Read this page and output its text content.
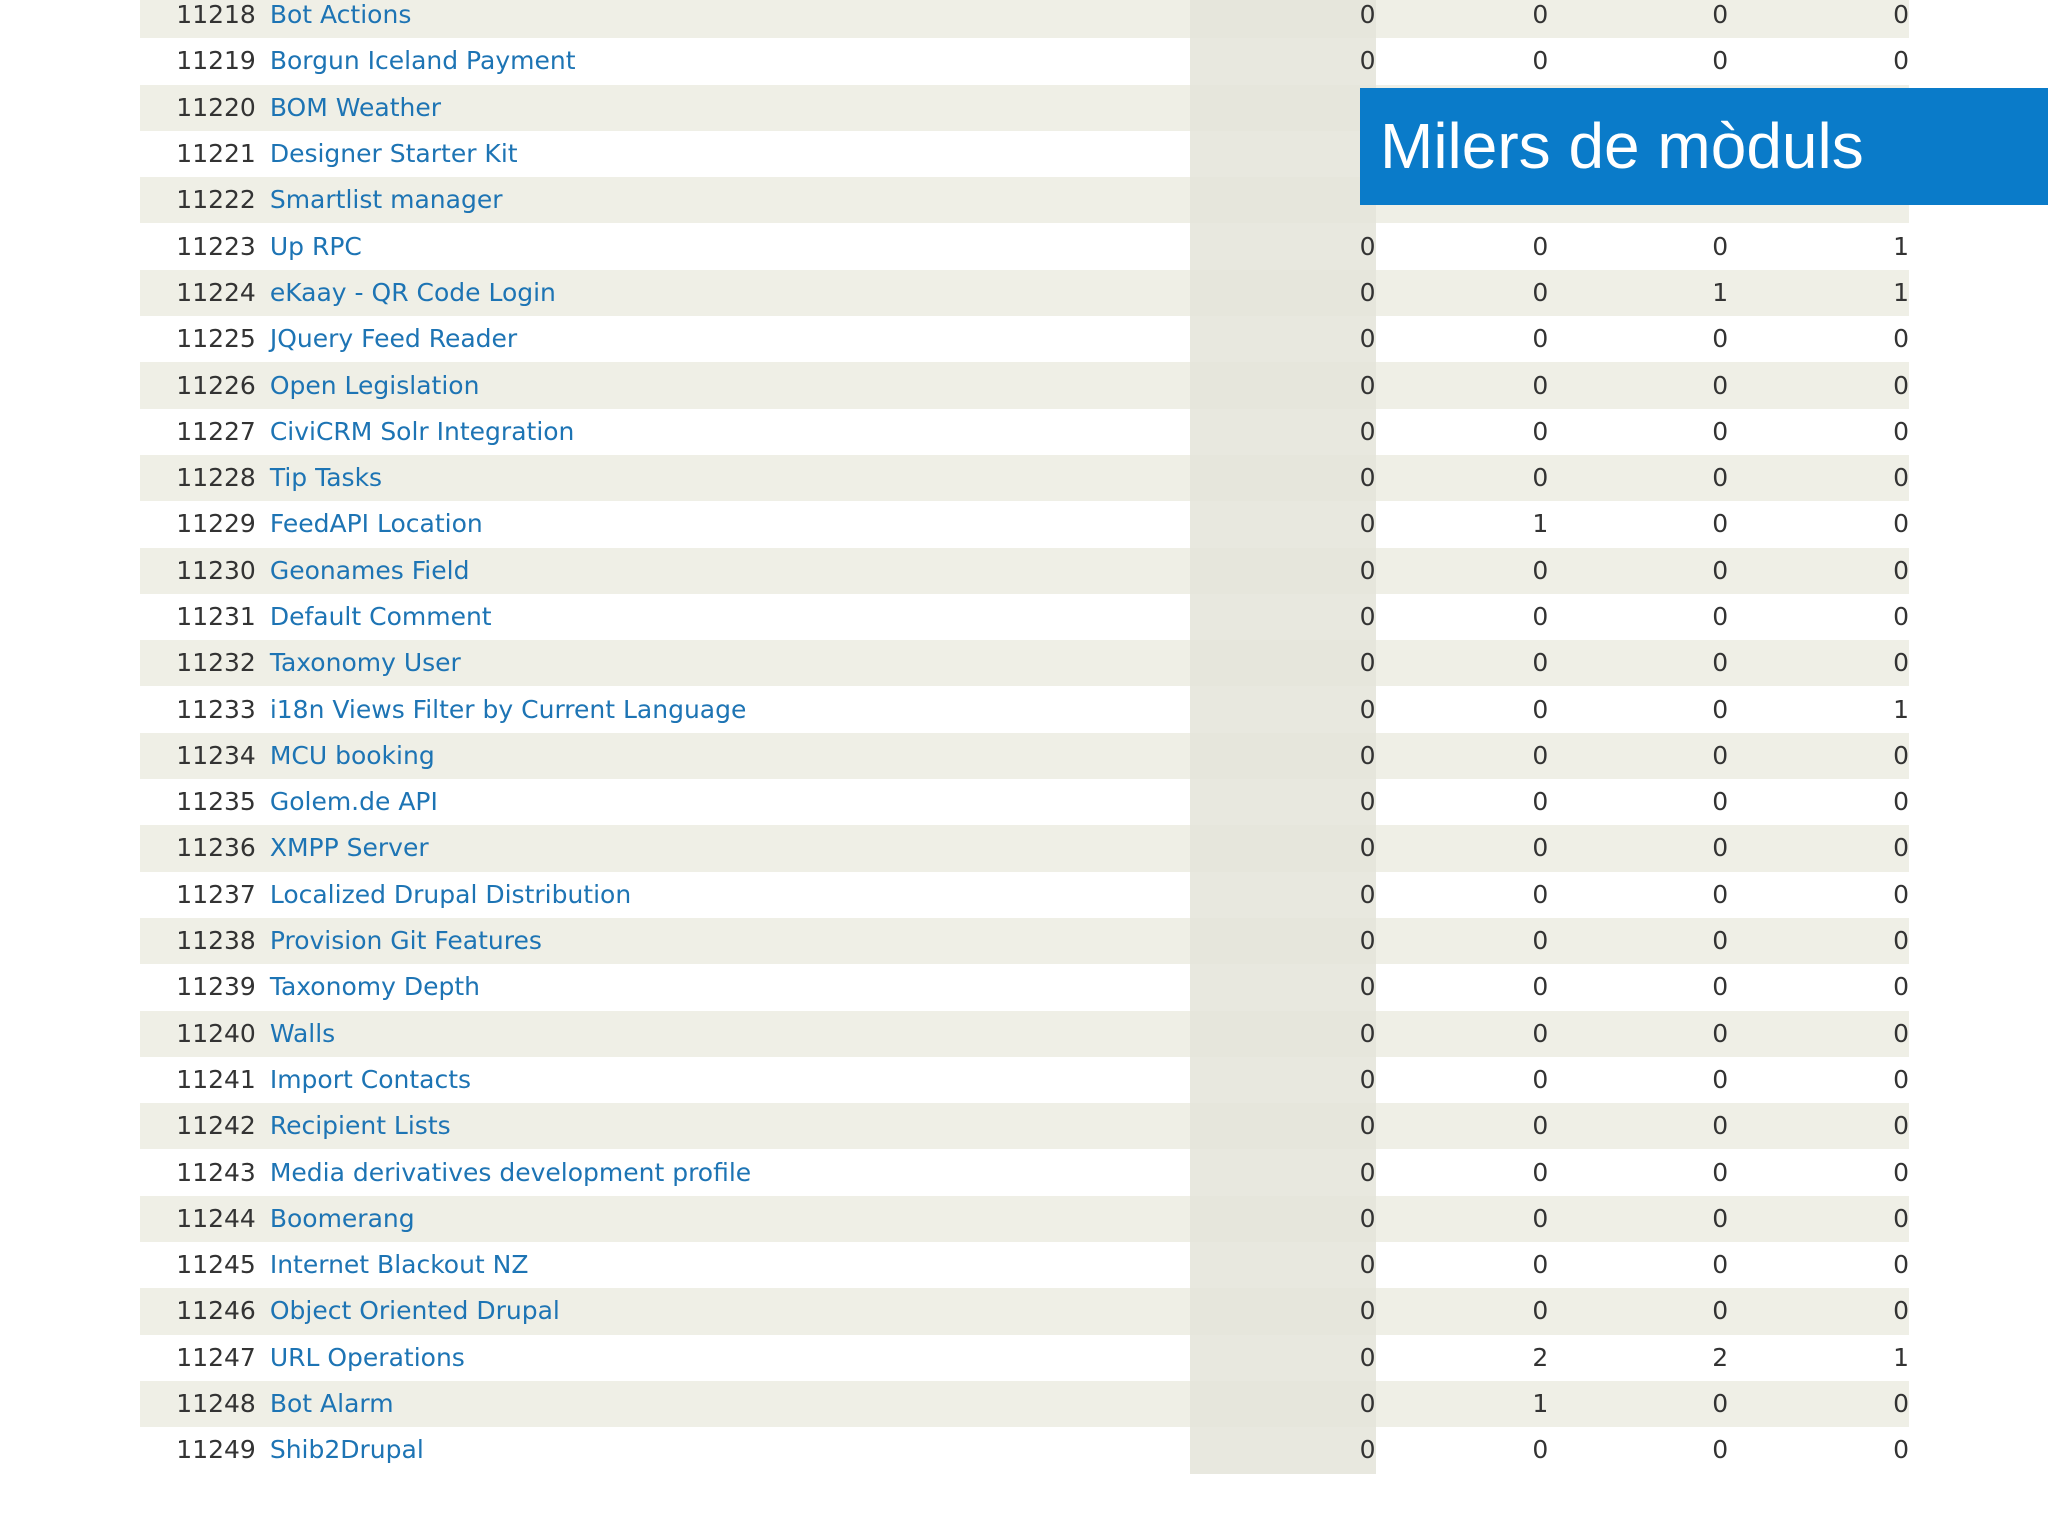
11218	Bot Actions	0	0	0	0
11219	Borgun Iceland Payment	0	0	0	0
11220	BOM Weather				
11221	Designer Starter Kit				
11222	Smartlist manager				
11223	Up RPC	0	0	0	1
11224	eKaay - QR Code Login	0	0	1	1
11225	JQuery Feed Reader	0	0	0	0
11226	Open Legislation	0	0	0	0
11227	CiviCRM Solr Integration	0	0	0	0
11228	Tip Tasks	0	0	0	0
11229	FeedAPI Location	0	1	0	0
11230	Geonames Field	0	0	0	0
11231	Default Comment	0	0	0	0
11232	Taxonomy User	0	0	0	0
11233	i18n Views Filter by Current Language	0	0	0	1
11234	MCU booking	0	0	0	0
11235	Golem.de API	0	0	0	0
11236	XMPP Server	0	0	0	0
11237	Localized Drupal Distribution	0	0	0	0
11238	Provision Git Features	0	0	0	0
11239	Taxonomy Depth	0	0	0	0
11240	Walls	0	0	0	0
11241	Import Contacts	0	0	0	0
11242	Recipient Lists	0	0	0	0
11243	Media derivatives development profile	0	0	0	0
11244	Boomerang	0	0	0	0
11245	Internet Blackout NZ	0	0	0	0
11246	Object Oriented Drupal	0	0	0	0
11247	URL Operations	0	2	2	1
11248	Bot Alarm	0	1	0	0
11249	Shib2Drupal	0	0	0	0
Milers de mòduls
